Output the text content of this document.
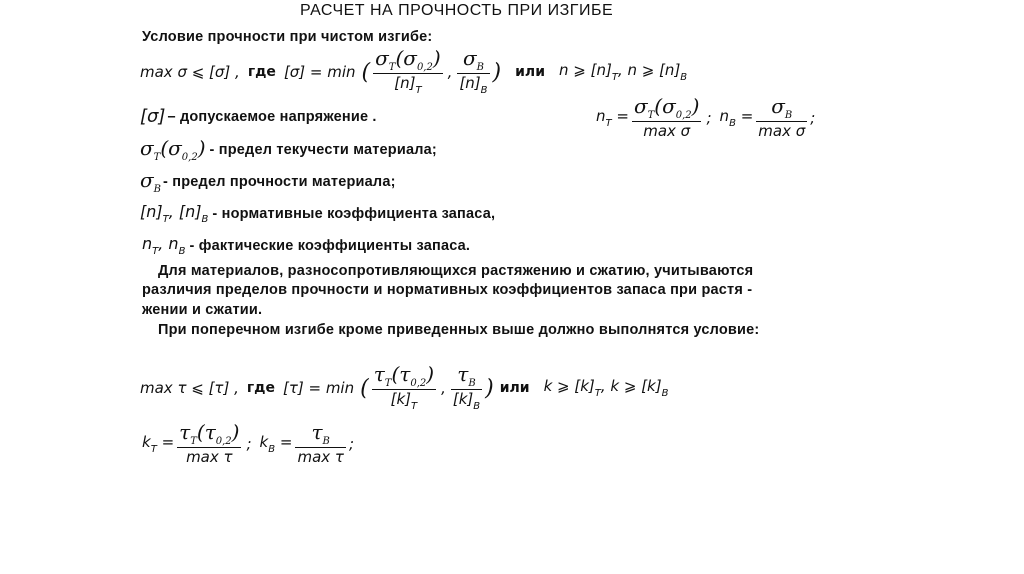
РАСЧЕТ НА ПРОЧНОСТЬ ПРИ ИЗГИБЕ
Условие прочности при чистом изгибе:
max σ ⩽ [σ] , где [σ] = min ( $\frac{\sigma_T(\sigma_{0,2})}{[n]_T}$ , $\frac{\sigma_B}{[n]_B}$ ) или n ⩾ $[n]_T$, n ⩾ $[n]_B$
[σ] – допускаемое напряжение .
$\sigma_T(\sigma_{0,2})$ - предел текучести материала;
$\sigma_B$ - предел прочности материала;
$[n]_T$, $[n]_B$ - нормативные коэффициента запаса,
$n_T$, $n_B$ - фактические коэффициенты запаса.
$n_T = \frac{\sigma_T(\sigma_{0,2})}{\text{max σ}}$ ; $n_B = \frac{\sigma_B}{\text{max σ}}$ ;
Для материалов, разносопротивляющихся растяжению и сжатию, учитываются
различия пределов прочности и нормативных коэффициентов запаса при растя -
жении и сжатии.
При поперечном изгибе кроме приведенных выше должно выполнятся условие:
max τ ⩽ [τ] , где [τ] = min ( $\frac{\tau_T(\tau_{0,2})}{[k]_T}$ , $\frac{\tau_B}{[k]_B}$ ) или k ⩾ $[k]_T$, k ⩾ $[k]_B$
$k_T = \frac{\tau_T(\tau_{0,2})}{\text{max τ}}$ ; $k_B = \frac{\tau_B}{\text{max τ}}$ ;
